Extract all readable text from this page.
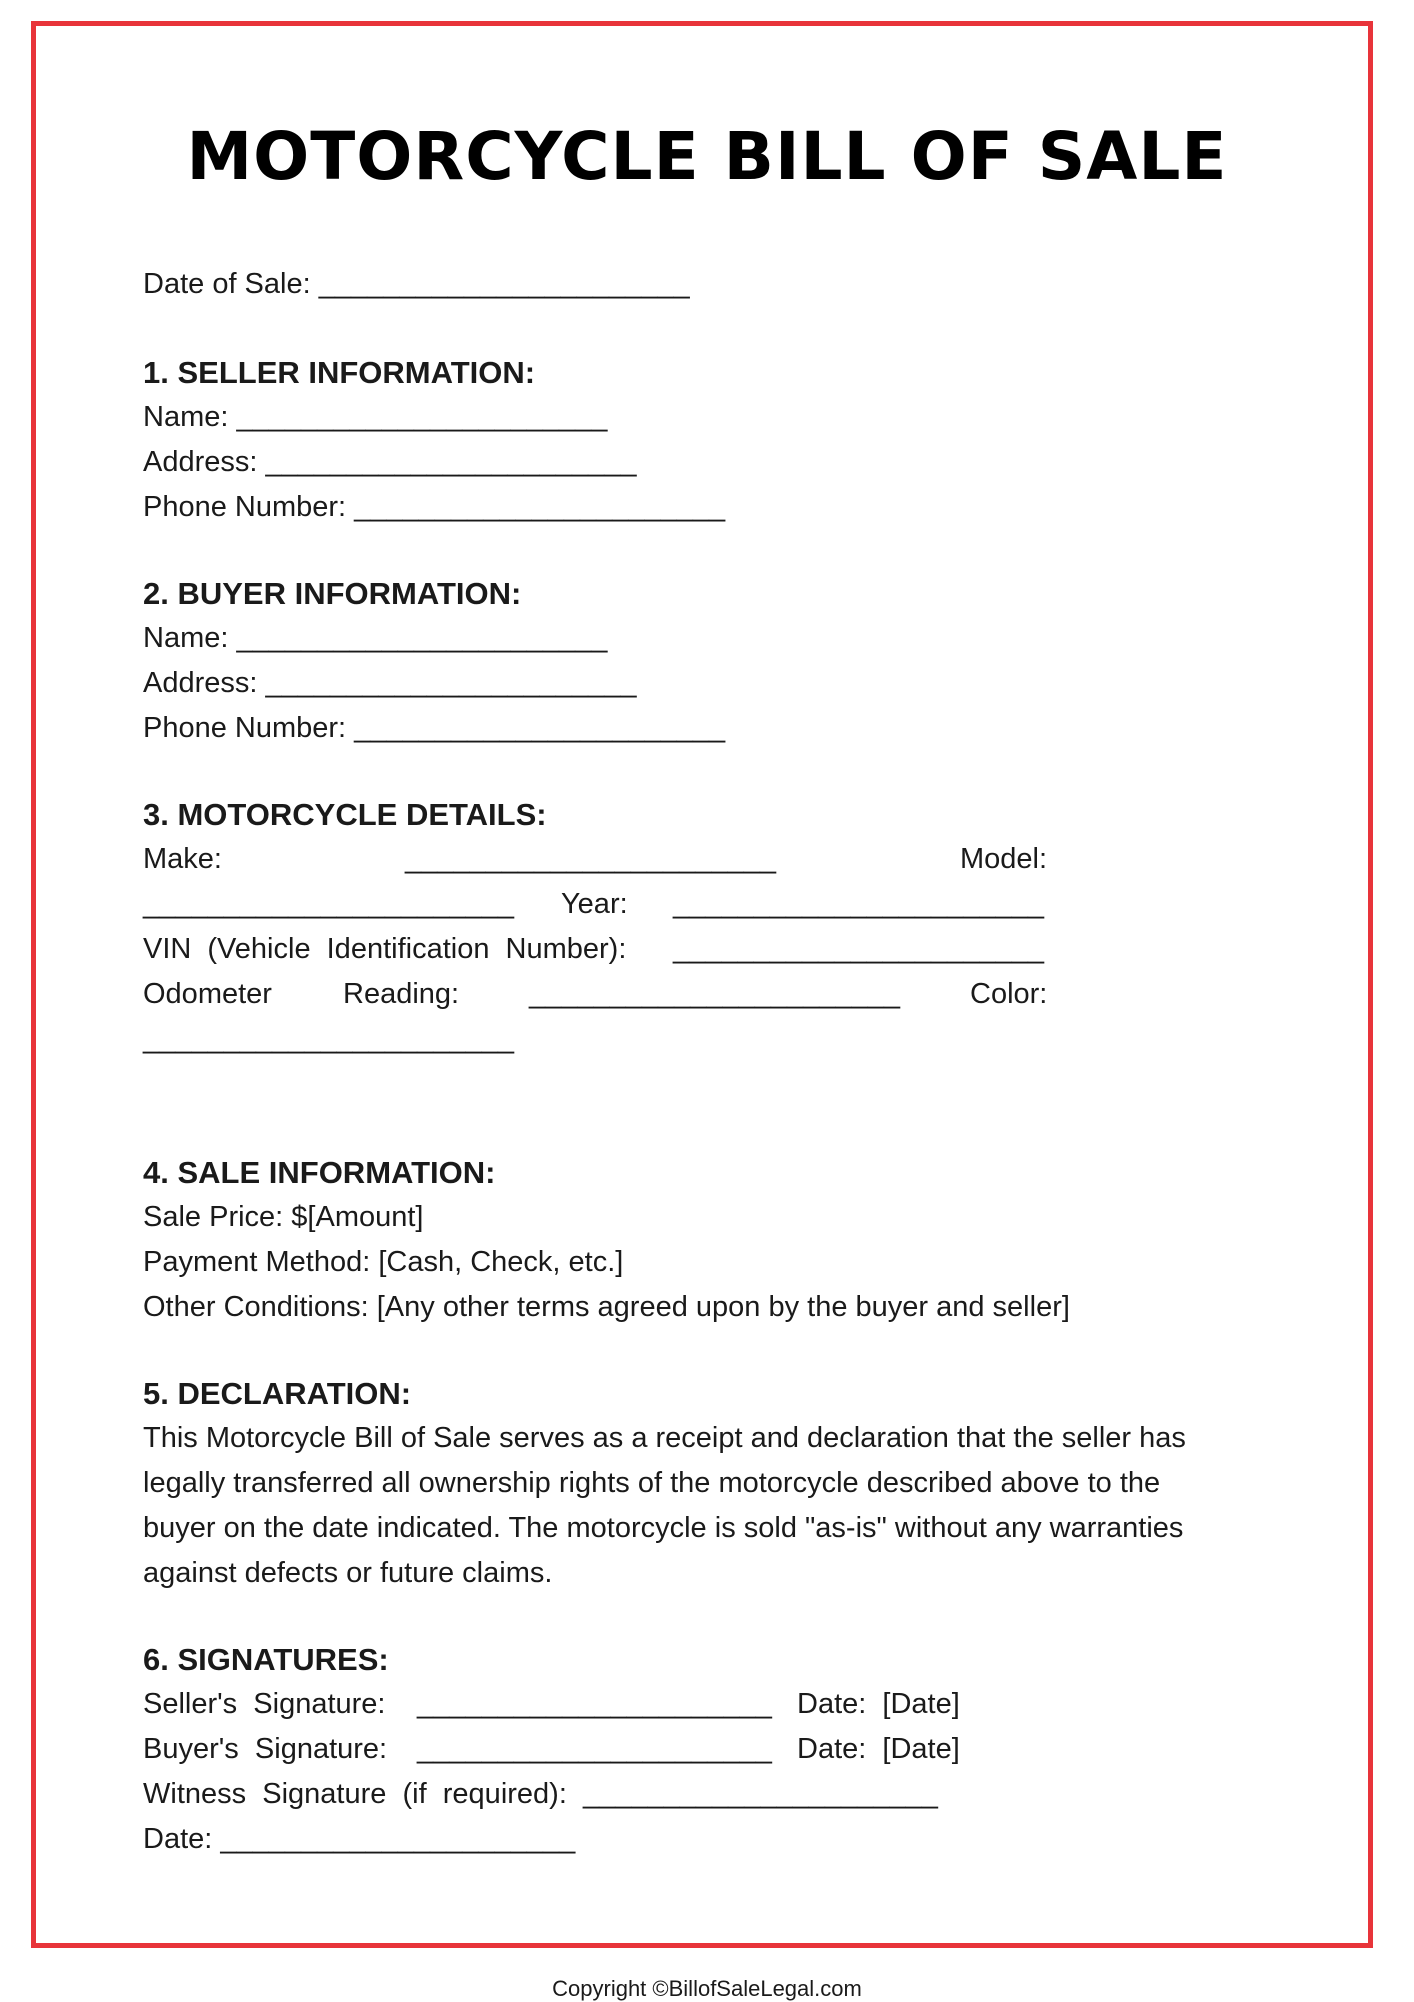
MOTORCYCLE BILL OF SALE

Date of Sale: _______________________

1. SELLER INFORMATION:

Name: _______________________

Address: _______________________

Phone Number: _______________________

2. BUYER INFORMATION:

Name: _______________________

Address: _______________________

Phone Number: _______________________

3. MOTORCYCLE DETAILS:

Make:	_______________________	Model:
_______________________ Year: _______________________
VIN (Vehicle Identification Number): _______________________
Odometer Reading: _______________________ Color:
_______________________

4. SALE INFORMATION:

Sale Price: $[Amount]

Payment Method: [Cash, Check, etc.]

Other Conditions: [Any other terms agreed upon by the buyer and seller]

5. DECLARATION:

This Motorcycle Bill of Sale serves as a receipt and declaration that the seller has

legally transferred all ownership rights of the motorcycle described above to the

buyer on the date indicated. The motorcycle is sold "as-is" without any warranties

against defects or future claims.

6. SIGNATURES:

Seller's  Signature: ______________________ Date:  [Date]
Buyer's  Signature: ______________________ Date:  [Date]

Witness  Signature  (if  required):  ______________________

Date: ______________________

Copyright ©BillofSaleLegal.com
